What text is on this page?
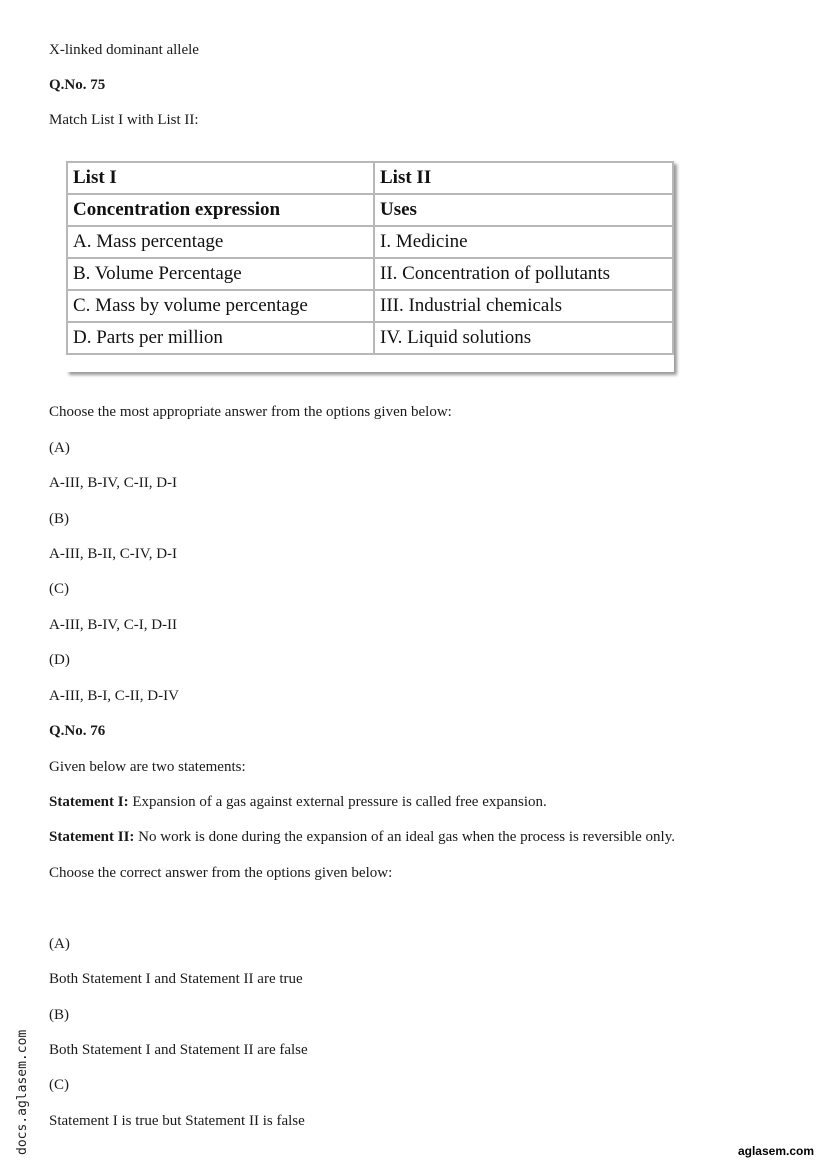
X-linked dominant allele
Q.No. 75
Match List I with List II:
List I	List II
Concentration expression	Uses
A. Mass percentage	I. Medicine
B. Volume Percentage	II. Concentration of pollutants
C. Mass by volume percentage	III. Industrial chemicals
D. Parts per million	IV. Liquid solutions
Choose the most appropriate answer from the options given below:
(A)
A-III, B-IV, C-II, D-I
(B)
A-III, B-II, C-IV, D-I
(C)
A-III, B-IV, C-I, D-II
(D)
A-III, B-I, C-II, D-IV
Q.No. 76
Given below are two statements:
Statement I: Expansion of a gas against external pressure is called free expansion.
Statement II: No work is done during the expansion of an ideal gas when the process is reversible only.
Choose the correct answer from the options given below:
(A)
Both Statement I and Statement II are true
(B)
Both Statement I and Statement II are false
(C)
Statement I is true but Statement II is false
docs.aglasem.com	aglasem.com
